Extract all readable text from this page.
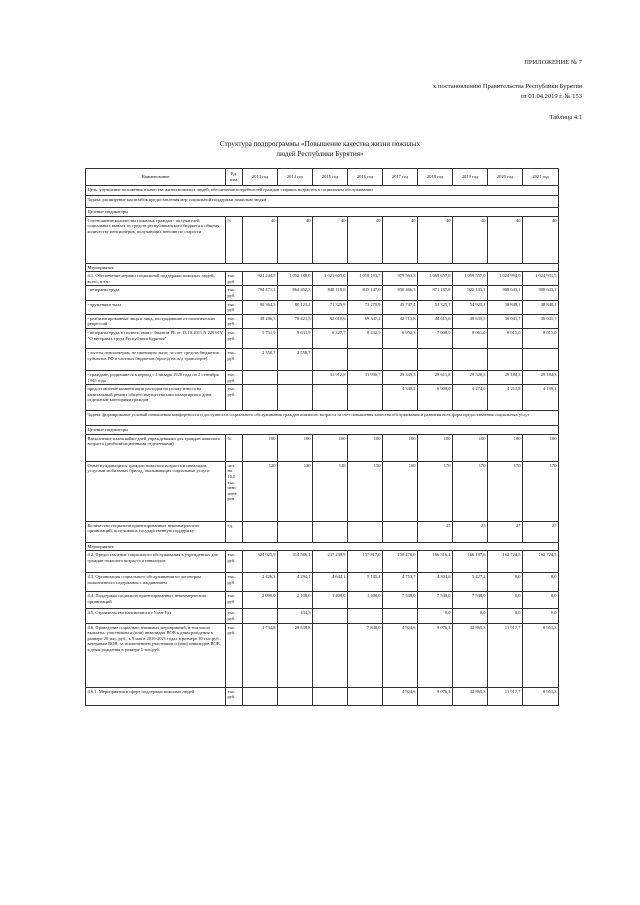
ПРИЛОЖЕНИЕ № 7
к постановлению Правительства Республики Бурятия
от 01.04.2019 г. № 153
Таблица 4.1
Структура подпрограммы «Повышение качества жизни пожилых
людей Республики Бурятия»
Наименование	Ед. изм.	2013 год	2014 год	2015 год	2016 год	2017 год	2018 год	2019 год	2020 год	2021 год
Цель: улучшение положения и качества жизни пожилых людей, обеспечение потребностей граждан старших возрастов в социальном обслуживании										
Задача: расширение масштабов предоставления мер социальной поддержки пожилым людям										
Целевые индикаторы										
Соотношение количества пожилых граждан - получателей социальных выплат из средств республиканского бюджета к общему количеству пенсионеров, получающих пенсию по старости	%	40	40	40	40	40	40	40	40	40
Мероприятия										
4.1. Обеспечение мерами социальной поддержки пожилых людей, всего, в т.ч.:	тыс. руб.	924 244,5	1 052 188,0	1 021 605,0	1 018 193,7	979 563,3	1 069 657,8	1 059 557,0	1 024 994,0	1 024 931,5
- ветераны труда	тыс. руб.	794 471,1	864 452,3	848 118,0	835 147,0	850 466,3	871 187,8	922 143,1	908 643,1	908 643,1
- труженики тыла	тыс. руб.	90 364,5	80 123,2	71 325,9	73 275,9	45 747,4	51 325,7	54 925,1	38 848,1	38 848,1
- реабилитированные лица и лица, пострадавшие от политических репрессий	тыс. руб.	38 206,3	70 421,5	62 010,6	69 347,2	42 713,8	44 615,6	40 635,5	36 041,7	36 041,7
- ветераны труда в соответствии с Законом РБ от 13.10.2011 N 2293-IV "О ветеранах труда Республики Бурятия"	тыс. руб.	5 731,9	8 631,9	6 327,7	8 432,9	6 952,3	7 008,9	8 061,0	8 015,0	8 015,0
- льготы пенсионерам, не имеющим льгот, за счет средств бюджетов субъектов РФ и частных бюджетов (проезд на ж/д транспорте)	тыс. руб.	2 350,7	2 558,7							
- граждане, родившиеся в период с 1 января 1928 года по 2 сентября 1945 года	тыс. руб.			31 912,8	31 990,7	29 345,3	28 611,8	29 520,3	29 184,3	29 184,3
предоставление компенсации расходов на уплату взноса на капитальный ремонт общего имущества многоквартирного дома отдельным категориям граждан	тыс. руб.					4 340,2	6 908,0	4 274,0	4 211,8	4 199,1
Задача: формирование условий повышения комфортности и доступности социального обслуживания граждан пожилого возраста за счет повышения качества обслуживания и развития всех форм предоставления социальных услуг										
Целевые индикаторы										
Выполнение плана койко-дней учреждениями для граждан пожилого возраста (реабилитационными отделениями)	%	100	100	100	100	100	100	100	100	100
Охват нуждающихся граждан пожилого возраста и инвалидов услугами мобильных бригад, оказывающих социальные услуги	чел. на 10,0 тыс. пенс ионе ров	120	130	140	150	160	170	170	170	170
Количество социально ориентированных некоммерческих организаций, получивших государственную поддержку	ед.						25	25	27	27
Мероприятия										
4.2. Предоставление социального обслуживания в учреждениях для граждан пожилого возраста и инвалидов	тыс. руб.	324 925,9	314 586,1	237 230,9	157 817,0	150 470,0	166 316,4	166 197,6	162 724,5	162 724,5
4.3. Организация социального обслуживания по договорам пожизненного содержания с иждивением	тыс. руб.	2 426,3	4 294,1	4 644,1	5 145,4	4 753,7	4 304,6	5 427,2	0,0	0,0
4.4. Поддержка социально ориентированных некоммерческих организаций	тыс. руб.	2 090,0	2 100,0	1 400,0	1 400,0	7 548,0	7 548,0	7 548,0	0,0	0,0
4.5. Строительство пансионата в г.Улан-Удэ	тыс. руб.		434,3				0,0	0,0	0,0	0,0
4.6. Проведение социально значимых мероприятий, в том числе выплаты: участникам и (или) инвалидам ВОВ к дням рождения в размере 20 тыс. руб., к 9 мая в 2019-2021 годах в размере 10 тыс.руб., ветеранам ВОВ, за исключением участников и (или) инвалидов ВОВ, к дням рождения в размере 5 тыс.руб.	тыс. руб.	1 734,8	28 538,8		7 840,0	4 924,6	9 076,3	32 865,3	11 917,7	8 951,3
4.6.1. Мероприятия в сфере поддержки пожилых людей	тыс. руб.					4 924,6	9 076,3	32 865,3	11 917,7	8 951,3
